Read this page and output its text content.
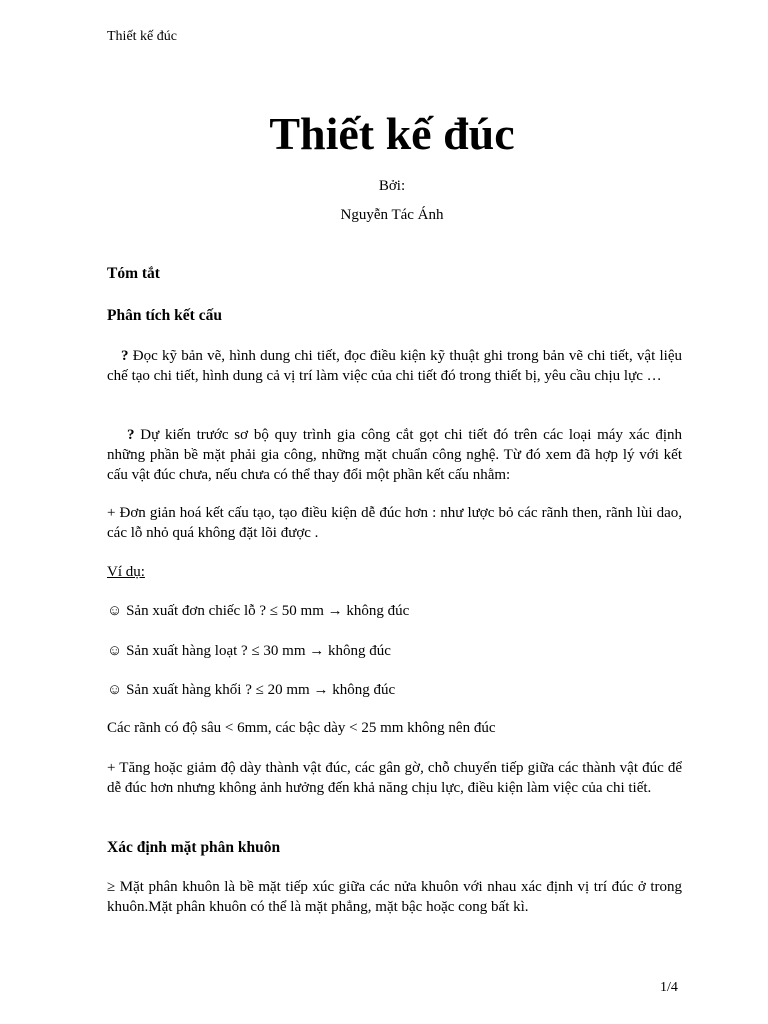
Thiết kế đúc
Thiết kế đúc
Bởi:
Nguyễn Tác Ánh
Tóm tắt
Phân tích kết cấu
? Đọc kỹ bản vẽ, hình dung chi tiết, đọc điều kiện kỹ thuật ghi trong bản vẽ chi tiết, vật liệu chế tạo chi tiết, hình dung cả vị trí làm việc của chi tiết đó trong thiết bị, yêu cầu chịu lực …
? Dự kiến trước sơ bộ quy trình gia công cắt gọt chi tiết đó trên các loại máy xác định những phần bề mặt phải gia công, những mặt chuẩn công nghệ. Từ đó xem đã hợp lý với kết cấu vật đúc chưa, nếu chưa có thể thay đổi một phần kết cấu nhằm:
+ Đơn giản hoá kết cấu tạo, tạo điều kiện dễ đúc hơn : như lược bỏ các rãnh then, rãnh lùi dao, các lỗ nhỏ quá không đặt lõi được .
Ví dụ:
☺ Sản xuất đơn chiếc lỗ ? ≤ 50 mm → không đúc
☺ Sản xuất hàng loạt ? ≤ 30 mm → không đúc
☺ Sản xuất hàng khối ? ≤ 20 mm → không đúc
Các rãnh có độ sâu < 6mm, các bậc dày < 25 mm không nên đúc
+ Tăng hoặc giảm độ dày thành vật đúc, các gân gờ, chỗ chuyển tiếp giữa các thành vật đúc để dễ đúc hơn nhưng không ảnh hưởng đến khả năng chịu lực, điều kiện làm việc của chi tiết.
Xác định mặt phân khuôn
≥ Mặt phân khuôn là bề mặt tiếp xúc giữa các nửa khuôn với nhau xác định vị trí đúc ở trong khuôn.Mặt phân khuôn có thể là mặt phẳng, mặt bậc hoặc cong bất kì.
1/4
